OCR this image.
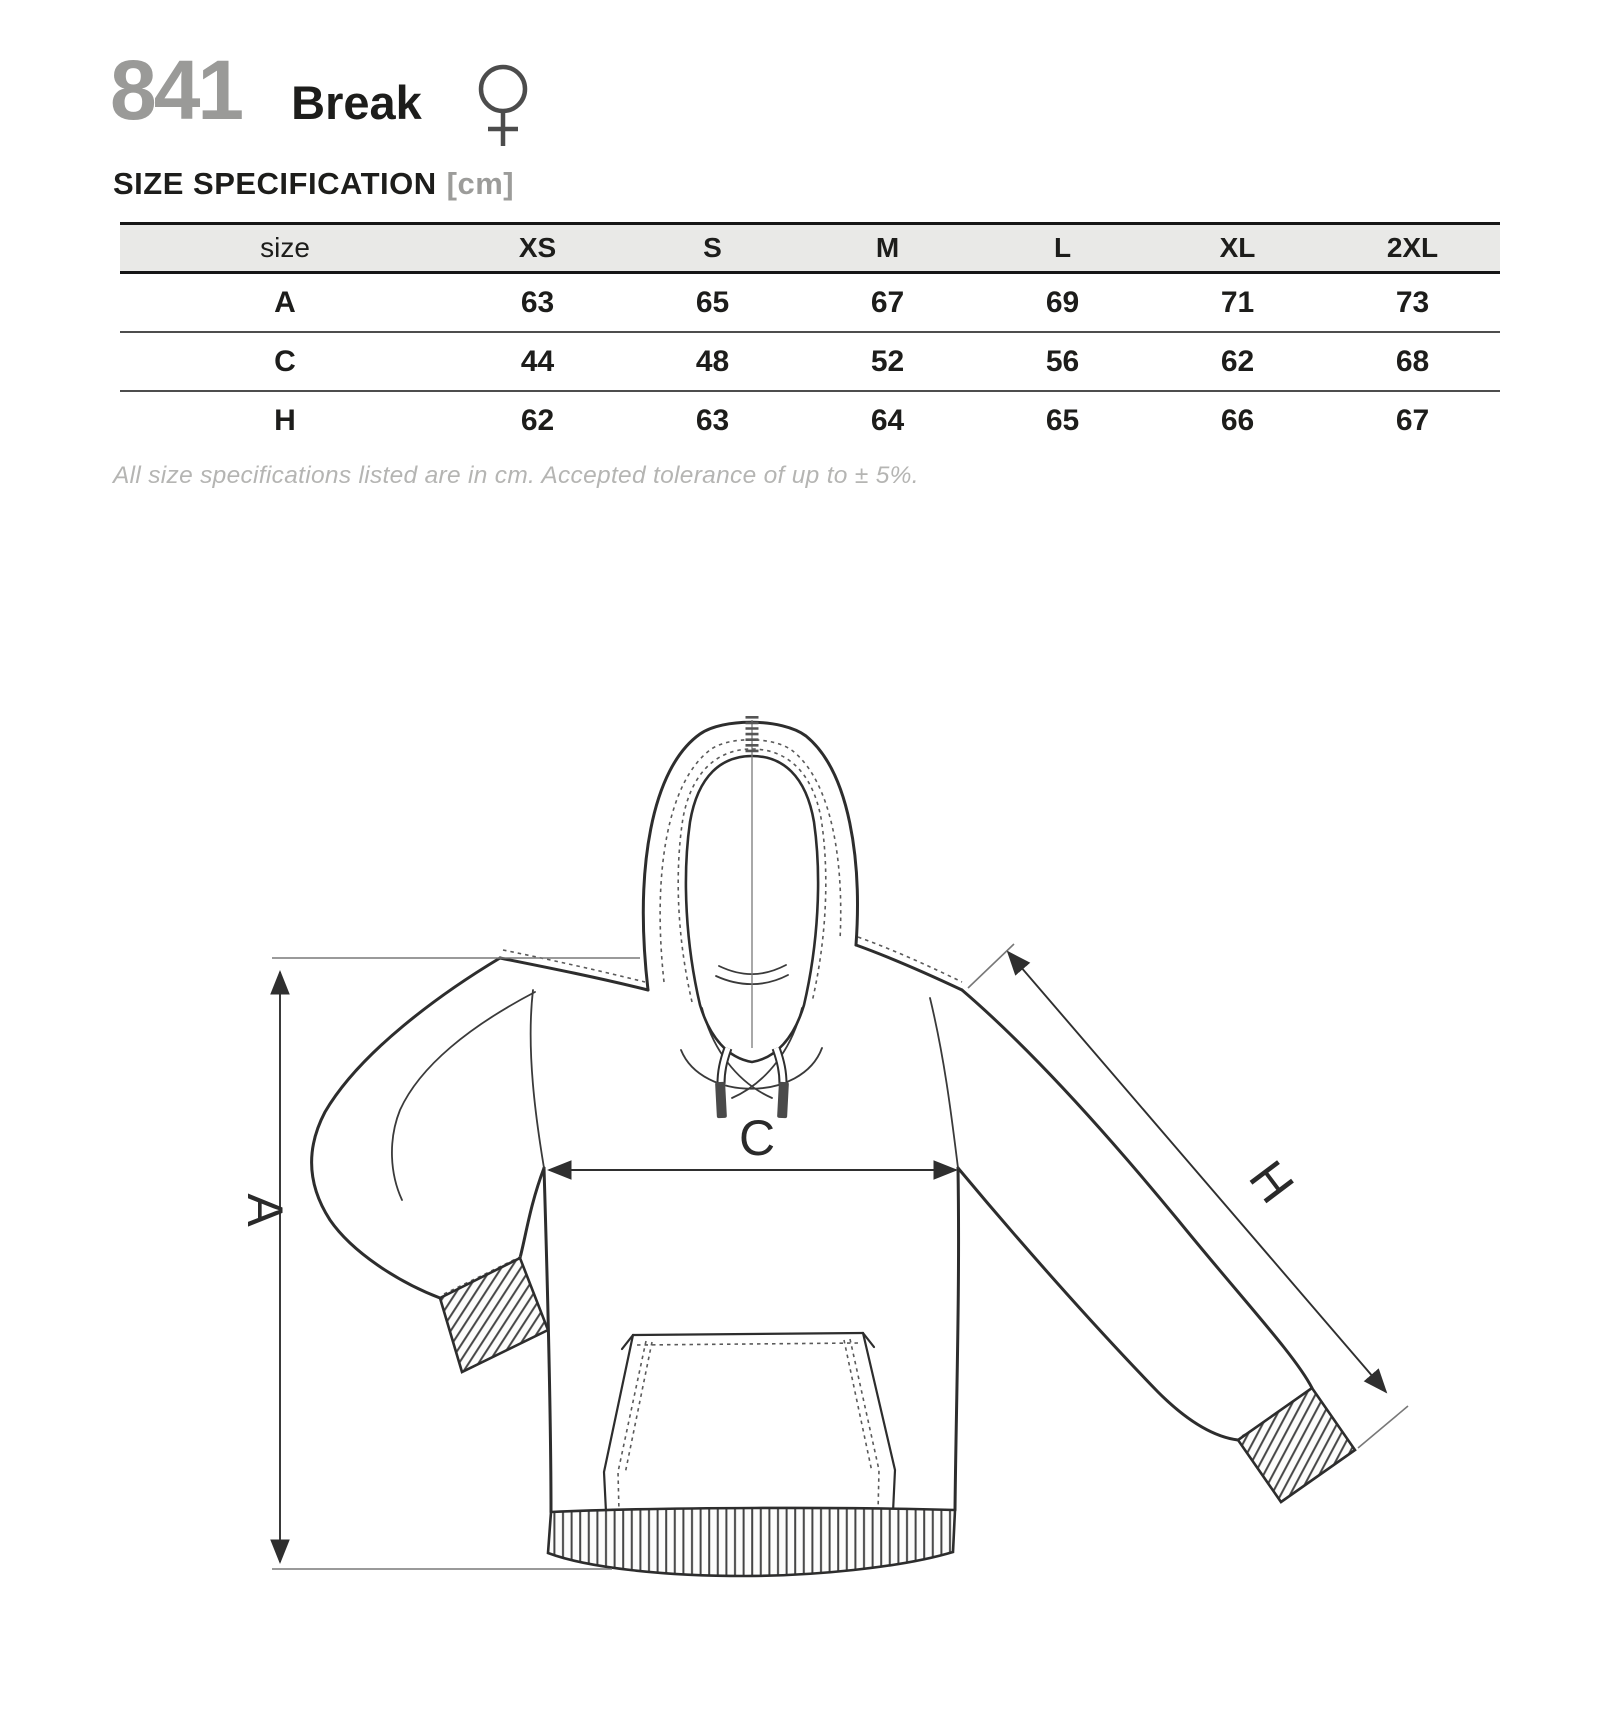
841 Break
SIZE SPECIFICATION [cm]
size	XS	S	M	L	XL	2XL
A	63	65	67	69	71	73
C	44	48	52	56	62	68
H	62	63	64	65	66	67
All size specifications listed are in cm. Accepted tolerance of up to ± 5%.
A
C
H
